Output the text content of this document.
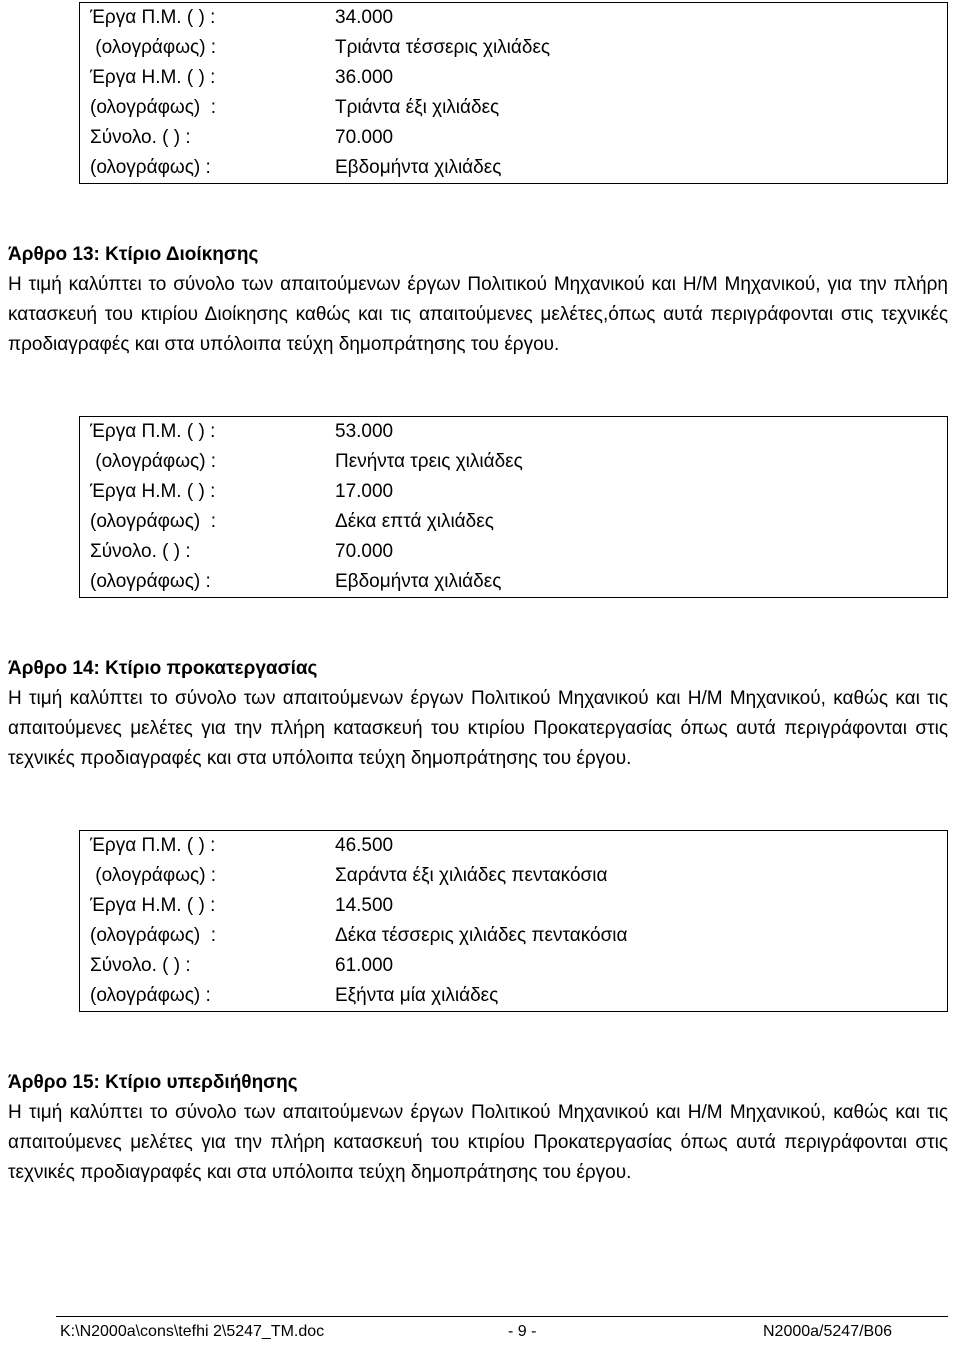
Έργα Π.Μ. ( ) :	34.000
(ολογράφως) :	Τριάντα τέσσερις χιλιάδες
Έργα Η.Μ. ( ) :	36.000
(ολογράφως)  :	Τριάντα έξι χιλιάδες
Σύνολο. ( ) :	70.000
(ολογράφως) :	Εβδομήντα χιλιάδες
Άρθρο 13: Κτίριο Διοίκησης

Η τιμή καλύπτει το σύνολο των απαιτούμενων έργων Πολιτικού Μηχανικού και Η/Μ Μηχανικού, για την πλήρη κατασκευή του κτιρίου Διοίκησης καθώς και τις απαιτούμενες μελέτες,όπως αυτά περιγράφονται στις τεχνικές προδιαγραφές και στα υπόλοιπα τεύχη δημοπράτησης του έργου.

Έργα Π.Μ. ( ) :	53.000
(ολογράφως) :	Πενήντα τρεις χιλιάδες
Έργα Η.Μ. ( ) :	17.000
(ολογράφως)  :	Δέκα επτά χιλιάδες
Σύνολο. ( ) :	70.000
(ολογράφως) :	Εβδομήντα χιλιάδες
Άρθρο 14: Κτίριο προκατεργασίας

Η τιμή καλύπτει το σύνολο των απαιτούμενων έργων Πολιτικού Μηχανικού και Η/Μ Μηχανικού, καθώς και τις απαιτούμενες μελέτες για την πλήρη κατασκευή του κτιρίου Προκατεργασίας όπως αυτά περιγράφονται στις τεχνικές προδιαγραφές και στα υπόλοιπα τεύχη δημοπράτησης του έργου.

Έργα Π.Μ. ( ) :	46.500
(ολογράφως) :	Σαράντα έξι χιλιάδες πεντακόσια
Έργα Η.Μ. ( ) :	14.500
(ολογράφως)  :	Δέκα τέσσερις χιλιάδες πεντακόσια
Σύνολο. ( ) :	61.000
(ολογράφως) :	Εξήντα μία χιλιάδες
Άρθρο 15: Κτίριο υπερδιήθησης

Η τιμή καλύπτει το σύνολο των απαιτούμενων έργων Πολιτικού Μηχανικού και Η/Μ Μηχανικού, καθώς και τις απαιτούμενες μελέτες για την πλήρη κατασκευή του κτιρίου Προκατεργασίας όπως αυτά περιγράφονται στις τεχνικές προδιαγραφές και στα υπόλοιπα τεύχη δημοπράτησης του έργου.

K:\N2000a\cons\tefhi 2\5247_TM.doc	- 9 -	N2000a/5247/B06
